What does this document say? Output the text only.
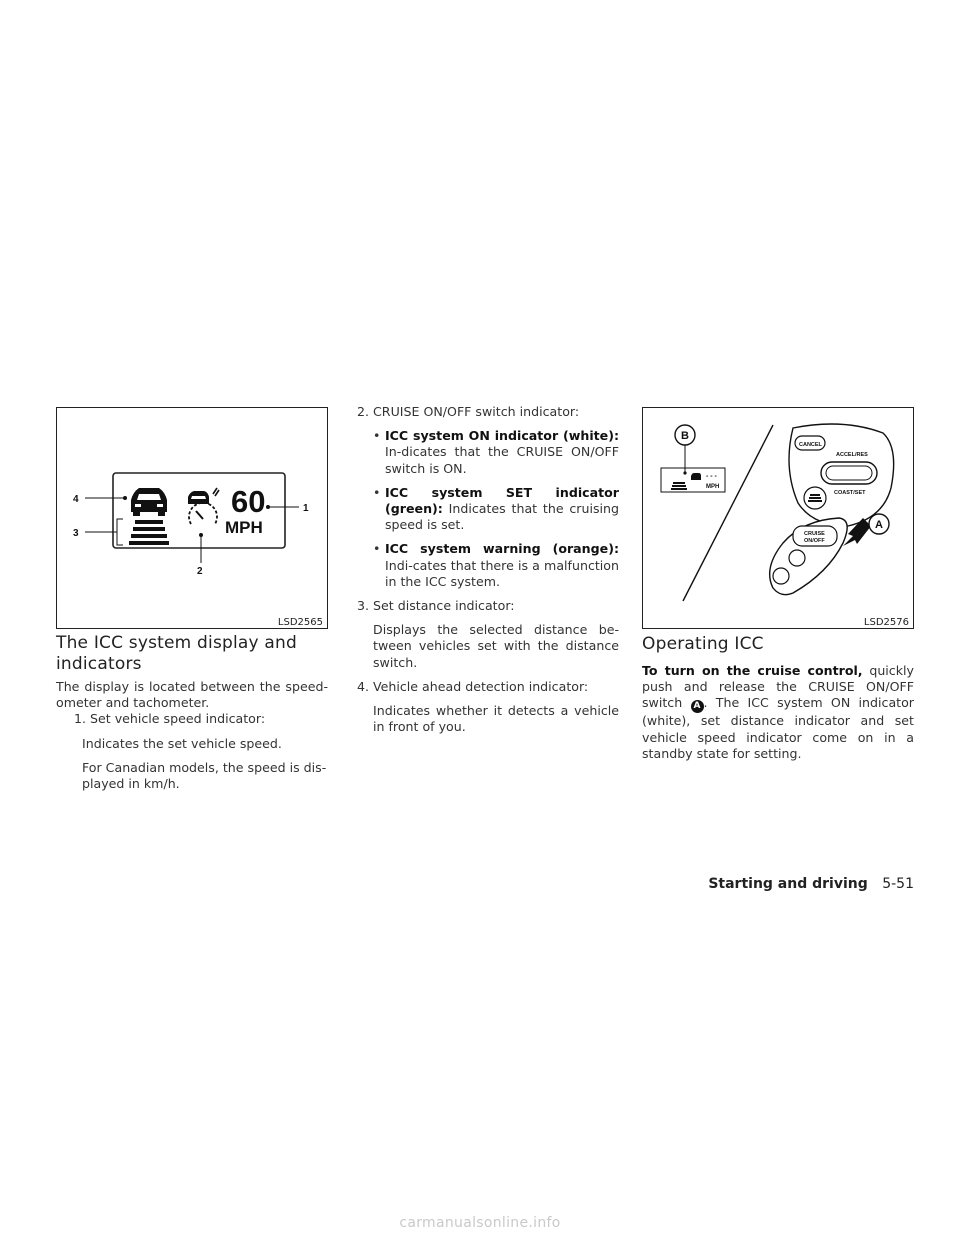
60
MPH
1
2
3
4
LSD2565
The ICC system display and indicators

The display is located between the speed-ometer and tachometer.

1. Set vehicle speed indicator:

Indicates the set vehicle speed.

For Canadian models, the speed is dis-played in km/h.

2. CRUISE ON/OFF switch indicator:

• ICC system ON indicator (white): In-dicates that the CRUISE ON/OFF switch is ON.
• ICC system SET indicator (green): Indicates that the cruising speed is set.
• ICC system warning (orange): Indi-cates that there is a malfunction in the ICC system.

3. Set distance indicator:

Displays the selected distance be-tween vehicles set with the distance switch.

4. Vehicle ahead detection indicator:

Indicates whether it detects a vehicle in front of you.

- - -
MPH
B
CANCEL
ACCEL/RES
COAST/SET
CRUISE
ON/OFF
A
LSD2576
Operating ICC

To turn on the cruise control, quickly push and release the CRUISE ON/OFF switch A . The ICC system ON indicator (white), set distance indicator and set vehicle speed indicator come on in a standby state for setting.

Starting and driving 5-51
carmanualsonline.info
